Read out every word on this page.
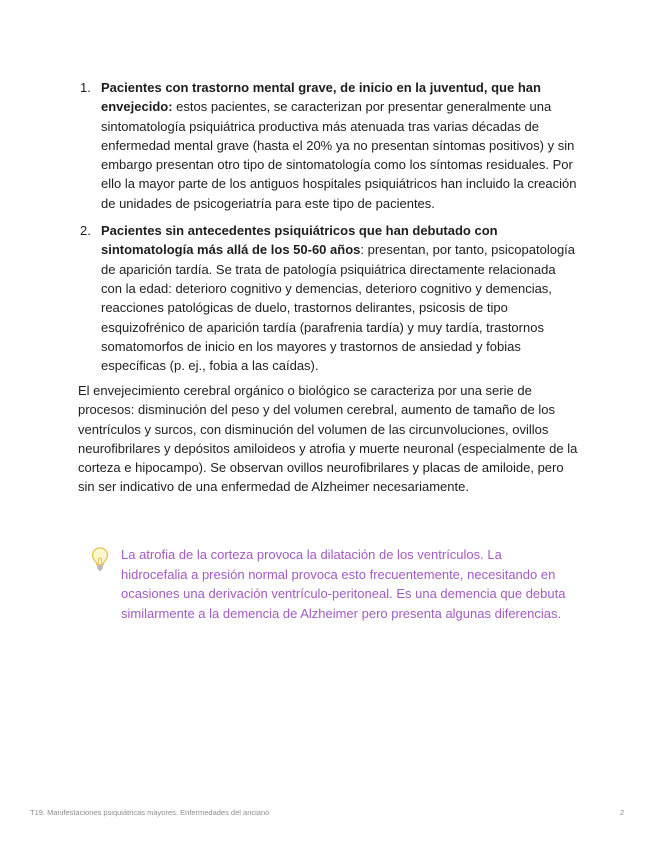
1. Pacientes con trastorno mental grave, de inicio en la juventud, que han envejecido: estos pacientes, se caracterizan por presentar generalmente una sintomatología psiquiátrica productiva más atenuada tras varias décadas de enfermedad mental grave (hasta el 20% ya no presentan síntomas positivos) y sin embargo presentan otro tipo de sintomatología como los síntomas residuales. Por ello la mayor parte de los antiguos hospitales psiquiátricos han incluido la creación de unidades de psicogeriatría para este tipo de pacientes.
2. Pacientes sin antecedentes psiquiátricos que han debutado con sintomatología más allá de los 50-60 años: presentan, por tanto, psicopatología de aparición tardía. Se trata de patología psiquiátrica directamente relacionada con la edad: deterioro cognitivo y demencias, deterioro cognitivo y demencias, reacciones patológicas de duelo, trastornos delirantes, psicosis de tipo esquizofrénico de aparición tardía (parafrenia tardía) y muy tardía, trastornos somatomorfos de inicio en los mayores y trastornos de ansiedad y fobias específicas (p. ej., fobia a las caídas).

El envejecimiento cerebral orgánico o biológico se caracteriza por una serie de procesos: disminución del peso y del volumen cerebral, aumento de tamaño de los ventrículos y surcos, con disminución del volumen de las circunvoluciones, ovillos neurofibrilares y depósitos amiloideos y atrofia y muerte neuronal (especialmente de la corteza e hipocampo). Se observan ovillos neurofibrilares y placas de amiloide, pero sin ser indicativo de una enfermedad de Alzheimer necesariamente.

La atrofia de la corteza provoca la dilatación de los ventrículos. La hidrocefalia a presión normal provoca esto frecuentemente, necesitando en ocasiones una derivación ventrículo-peritoneal. Es una demencia que debuta similarmente a la demencia de Alzheimer pero presenta algunas diferencias.

T19. Manifestaciones psiquiátricas mayores. Enfermedades del anciano	2
